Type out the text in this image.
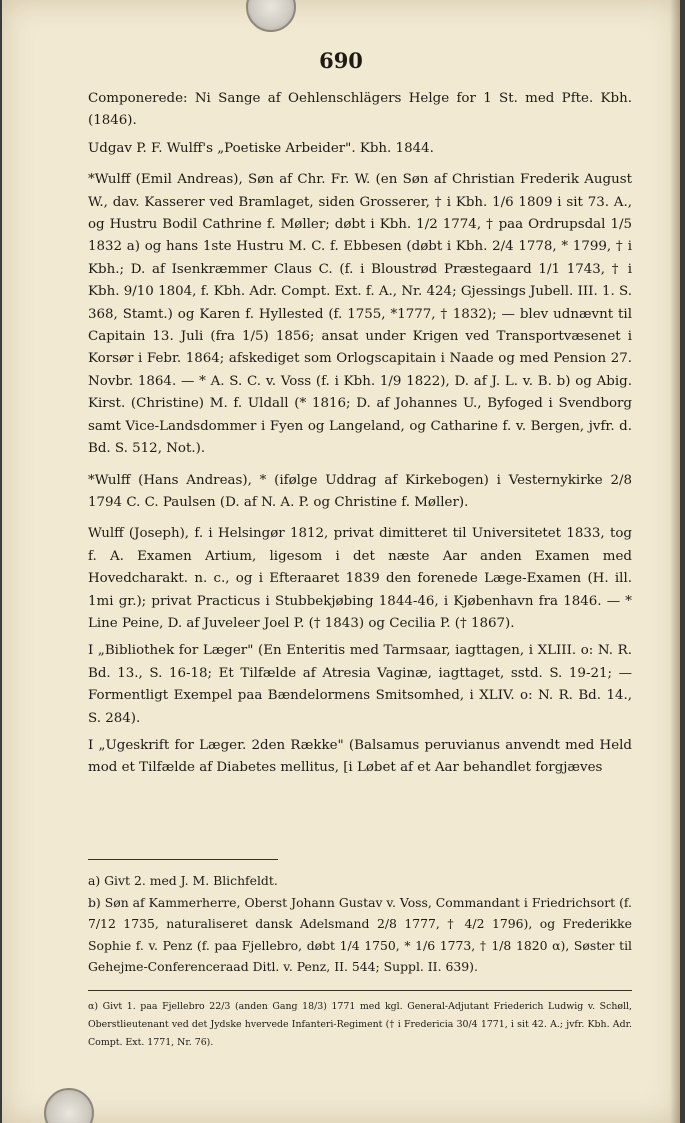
690

Componerede: Ni Sange af Oehlenschlägers Helge for 1 St. med Pfte. Kbh. (1846).

Udgav P. F. Wulff's „Poetiske Arbeider". Kbh. 1844.

*Wulff (Emil Andreas), Søn af Chr. Fr. W. (en Søn af Christian Frederik August W., dav. Kasserer ved Bramlaget, siden Grosserer, † i Kbh. 1/6 1809 i sit 73. A., og Hustru Bodil Cathrine f. Møller; døbt i Kbh. 1/2 1774, † paa Ordrupsdal 1/5 1832 a) og hans 1ste Hustru M. C. f. Ebbesen (døbt i Kbh. 2/4 1778, * 1799, † i Kbh.; D. af Isenkræmmer Claus C. (f. i Bloustrød Præstegaard 1/1 1743, † i Kbh. 9/10 1804, f. Kbh. Adr. Compt. Ext. f. A., Nr. 424; Gjessings Jubell. III. 1. S. 368, Stamt.) og Karen f. Hyllested (f. 1755, *1777, † 1832); — blev udnævnt til Capitain 13. Juli (fra 1/5) 1856; ansat under Krigen ved Transportvæsenet i Korsør i Febr. 1864; afskediget som Orlogscapitain i Naade og med Pension 27. Novbr. 1864. — * A. S. C. v. Voss (f. i Kbh. 1/9 1822), D. af J. L. v. B. b) og Abig. Kirst. (Christine) M. f. Uldall (* 1816; D. af Johannes U., Byfoged i Svendborg samt Vice-Landsdommer i Fyen og Langeland, og Catharine f. v. Bergen, jvfr. d. Bd. S. 512, Not.).

*Wulff (Hans Andreas), * (ifølge Uddrag af Kirkebogen) i Vesternykirke 2/8 1794 C. C. Paulsen (D. af N. A. P. og Christine f. Møller).

Wulff (Joseph), f. i Helsingør 1812, privat dimitteret til Universitetet 1833, tog f. A. Examen Artium, ligesom i det næste Aar anden Examen med Hovedcharakt. n. c., og i Efteraaret 1839 den forenede Læge-Examen (H. ill. 1mi gr.); privat Practicus i Stubbekjøbing 1844-46, i Kjøbenhavn fra 1846. — * Line Peine, D. af Juveleer Joel P. († 1843) og Cecilia P. († 1867).

I „Bibliothek for Læger" (En Enteritis med Tarmsaar, iagttagen, i XLIII. o: N. R. Bd. 13., S. 16-18; Et Tilfælde af Atresia Vaginæ, iagttaget, sstd. S. 19-21; — Formentligt Exempel paa Bændelormens Smitsomhed, i XLIV. o: N. R. Bd. 14., S. 284).

I „Ugeskrift for Læger. 2den Række" (Balsamus peruvianus anvendt med Held mod et Tilfælde af Diabetes mellitus, [i Løbet af et Aar behandlet forgjæves

a) Givt 2. med J. M. Blichfeldt.

b) Søn af Kammerherre, Oberst Johann Gustav v. Voss, Commandant i Friedrichsort (f. 7/12 1735, naturaliseret dansk Adelsmand 2/8 1777, † 4/2 1796), og Frederikke Sophie f. v. Penz (f. paa Fjellebro, døbt 1/4 1750, * 1/6 1773, † 1/8 1820 α), Søster til Gehejme-Conferenceraad Ditl. v. Penz, II. 544; Suppl. II. 639).

α) Givt 1. paa Fjellebro 22/3 (anden Gang 18/3) 1771 med kgl. General-Adjutant Friederich Ludwig v. Schøll, Oberstlieutenant ved det Jydske hvervede Infanteri-Regiment († i Fredericia 30/4 1771, i sit 42. A.; jvfr. Kbh. Adr. Compt. Ext. 1771, Nr. 76).
